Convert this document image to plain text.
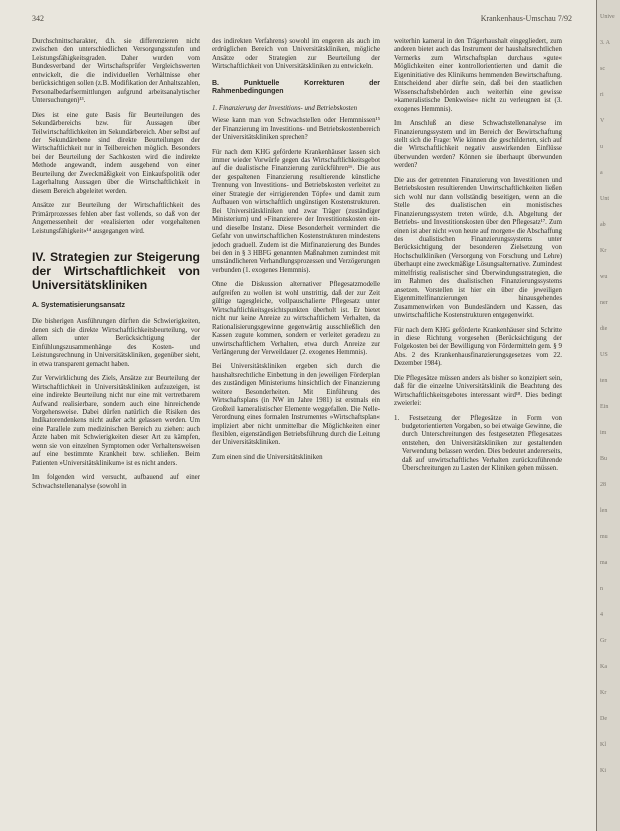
342	Krankenhaus-Umschau 7/92

Durchschnittscharakter, d.h. sie differenzieren nicht zwischen den unterschiedlichen Versorgungsstufen und Leistungsfähigkeitsgraden. Daher wurden vom Bundesverband der Wirtschaftsprüfer Vergleichswerten entwickelt, die die individuellen Verhältnisse eher berücksichtigen sollen (z.B. Modifikation der Anhaltszahlen, Personalbedarfsermittlungen aufgrund arbeitsanalytischer Untersuchungen)¹³.

Dies ist eine gute Basis für Beurteilungen des Sekundärbereichs bzw. für Aussagen über Teilwirtschaftlichkeiten im Sekundärbereich. Aber selbst auf der Sekundärebene sind direkte Beurteilungen der Wirtschaftlichkeit nur in Teilbereichen möglich. Besonders bei der Beurteilung der Sachkosten wird die indirekte Methode angewandt, indem ausgehend von einer Beurteilung der Zweckmäßigkeit von Einkaufspolitik oder Lagerhaltung Aussagen über die Wirtschaftlichkeit in diesem Bereich abgeleitet werden.

Ansätze zur Beurteilung der Wirtschaftlichkeit des Primärprozesses fehlen aber fast vollends, so daß von der Angemessenheit der »realisierten oder vorgehaltenen Leistungsfähigkeit«¹⁴ ausgegangen wird.

IV. Strategien zur Steigerung der Wirtschaftlichkeit von Universitätskliniken
A. Systematisierungsansatz

Die bisherigen Ausführungen dürften die Schwierigkeiten, denen sich die direkte Wirtschaftlichkeitsbeurteilung, vor allem unter Berücksichtigung der Einfühlungszusammenhänge des Kosten- und Leistungsrechnung in Universitätskliniken, gegenüber sieht, in etwa transparent gemacht haben.

Zur Verwirklichung des Ziels, Ansätze zur Beurteilung der Wirtschaftlichkeit in Universitätskliniken aufzuzeigen, ist eine indirekte Beurteilung nicht nur eine mit vertretbarem Aufwand realisierbare, sondern auch eine hinreichende Vorgehensweise. Dabei dürfen natürlich die Risiken des Indikatorendenkens nicht außer acht gelassen werden. Um eine Parallele zum medizinischen Bereich zu ziehen: auch Ärzte haben mit Schwierigkeiten dieser Art zu kämpfen, wenn sie von einzelnen Symptomen oder Verhaltensweisen auf eine bestimmte Krankheit bzw. schließen. Beim Patienten »Universitätsklinikum« ist es nicht anders.

Im folgenden wird versucht, aufbauend auf einer Schwachstellenanalyse (sowohl in

des indirekten Verfahrens) sowohl im engeren als auch im erdrüglichen Bereich von Universitätskliniken, mögliche Ansätze oder Strategien zur Beurteilung der Wirtschaftlichkeit von Universitätskliniken zu entwickeln.

B. Punktuelle Korrekturen der Rahmenbedingungen
1. Finanzierung der Investitions- und Betriebskosten

Wiese kann man von Schwachstellen oder Hemmnissen¹⁵ der Finanzierung im Investitions- und Betriebskostenbereich der Universitätskliniken sprechen?

Für nach dem KHG geförderte Krankenhäuser lassen sich immer wieder Vorwürfe gegen das Wirtschaftlichkeitsgebot auf die dualistische Finanzierung zurückführen¹⁶. Die aus der gespaltenen Finanzierung resultierende künstliche Trennung von Investitions- und Betriebskosten verleitet zu einer Strategie der »irrigierenden Töpfe« und damit zum Aufbauen von wirtschaftlich ungünstigen Kostenstrukturen. Bei Universitätskliniken und zwar Träger (zuständiger Ministerium) und »Finanzierer« der Investitionskosten ein- und dieselbe Instanz. Diese Besonderheit vermindert die Gefahr von unwirtschaftlichen Kostenstrukturen mindestens jedoch graduell. Zudem ist die Mitfinanzierung des Bundes bei den in § 3 HBFG genannten Maßnahmen zumindest mit umständlicheren Verhandlungsprozessen und Verzögerungen verbunden (1. exogenes Hemmnis).

Ohne die Diskussion alternativer Pflegesatzmodelle aufgreifen zu wollen ist wohl unstrittig, daß der zur Zeit gültige tagesgleiche, vollpauschalierte Pflegesatz unter Wirtschaftlichkeitsgesichtspunkten überholt ist. Er bietet nicht nur keine Anreize zu wirtschaftlichem Verhalten, da Rationalisierungsgewinne gegenwärtig ausschließlich den Kassen zugute kommen, sondern er verleitet geradezu zu unwirtschaftlichem Verhalten, etwa durch Anreize zur Verlängerung der Verweildauer (2. exogenes Hemmnis).

Bei Universitätskliniken ergeben sich durch die haushaltsrechtliche Einbettung in den jeweiligen Förderplan des zuständigen Ministeriums hinsichtlich der Finanzierung weitere Besonderheiten. Mit Einführung des Wirtschaftsplans (in NW im Jahre 1981) ist erstmals ein Großteil kameralistischer Elemente weggefallen. Die Nelle-Verordnung eines formalen Instrumentes »Wirtschaftsplan« impliziert aber nicht unmittelbar die Möglichkeiten einer flexiblen, eigenständigen Betriebsführung durch die Leitung der Universitätskliniken.

Zum einen sind die Universitätskliniken

weiterhin kameral in den Trägerhaushalt eingegliedert, zum anderen bietet auch das Instrument der haushaltsrechtlichen Vermerks zum Wirtschaftsplan durchaus »gute« Möglichkeiten einer kontrollorientierten und damit die Eigeninitiative des Klinikums hemmenden Bewirtschaftung. Entscheidend aber dürfte sein, daß bei den staatlichen Wissenschaftsbehörden auch weiterhin eine gewisse »kameralistische Denkweise« nicht zu verleugnen ist (3. exogenes Hemmnis).

Im Anschluß an diese Schwachstellenanalyse im Finanzierungssystem und im Bereich der Bewirtschaftung stellt sich die Frage: Wie können die geschilderten, sich auf die Wirtschaftlichkeit negativ auswirkenden Einflüsse überwunden werden? Können sie überhaupt überwunden werden?

Die aus der getrennten Finanzierung von Investitionen und Betriebskosten resultierenden Unwirtschaftlichkeiten ließen sich wohl nur dann vollständig beseitigen, wenn an die Stelle des dualistischen ein monistisches Finanzierungssystem treten würde, d.h. Abgeltung der Betriebs- und Investitionskosten über den Pflegesatz¹⁷. Zum einen ist aber nicht »von heute auf morgen« die Abschaffung des dualistischen Finanzierungssystems unter Berücksichtigung der besonderen Zielsetzung von Hochschulkliniken (Versorgung von Forschung und Lehre) überhaupt eine zweckmäßige Lösungsalternative. Zumindest mittelfristig realistischer sind Überwindungsstrategien, die im Rahmen des dualistischen Finanzierungssystems ansetzen. Vorstellen ist hier ein über die jeweiligen Eigenmittelfinanzierungen hinausgehendes Zusammenwirken von Bundesländern und Kassen, das unwirtschaftliche Kostenstrukturen entgegenwirkt.

Für nach dem KHG geförderte Krankenhäuser sind Schritte in diese Richtung vorgesehen (Berücksichtigung der Folgekosten bei der Bewilligung von Fördermitteln gem. § 9 Abs. 2 des Krankenhausfinanzierungsgesetzes vom 22. Dezember 1984).

Die Pflegesätze müssen anders als bisher so konzipiert sein, daß für die einzelne Universitätsklinik die Beachtung des Wirtschaftlichkeitsgebotes interessant wird¹⁸. Dies bedingt zweierlei:

1. Festsetzung der Pflegesätze in Form von budgetorientierten Vorgaben, so bei etwaige Gewinne, die durch Unterschreitungen des festgesetzten Pflegesatzes entstehen, den Universitätskliniken zur gestaltenden Verwendung belassen werden. Dies bedeutet andererseits, daß auf unwirtschaftliches Verhalten zurückzuführende Überschreitungen zu Lasten der Kliniken gehen müssen.

Unive
3. A
sc
ri
V
u
a
Unt
ab
Kr
wu
ner
die
US
ten
Ein
im
Bu
28
len
mu
ma
n
4
Gr
Ka
Kr
De
Kl
Ki
